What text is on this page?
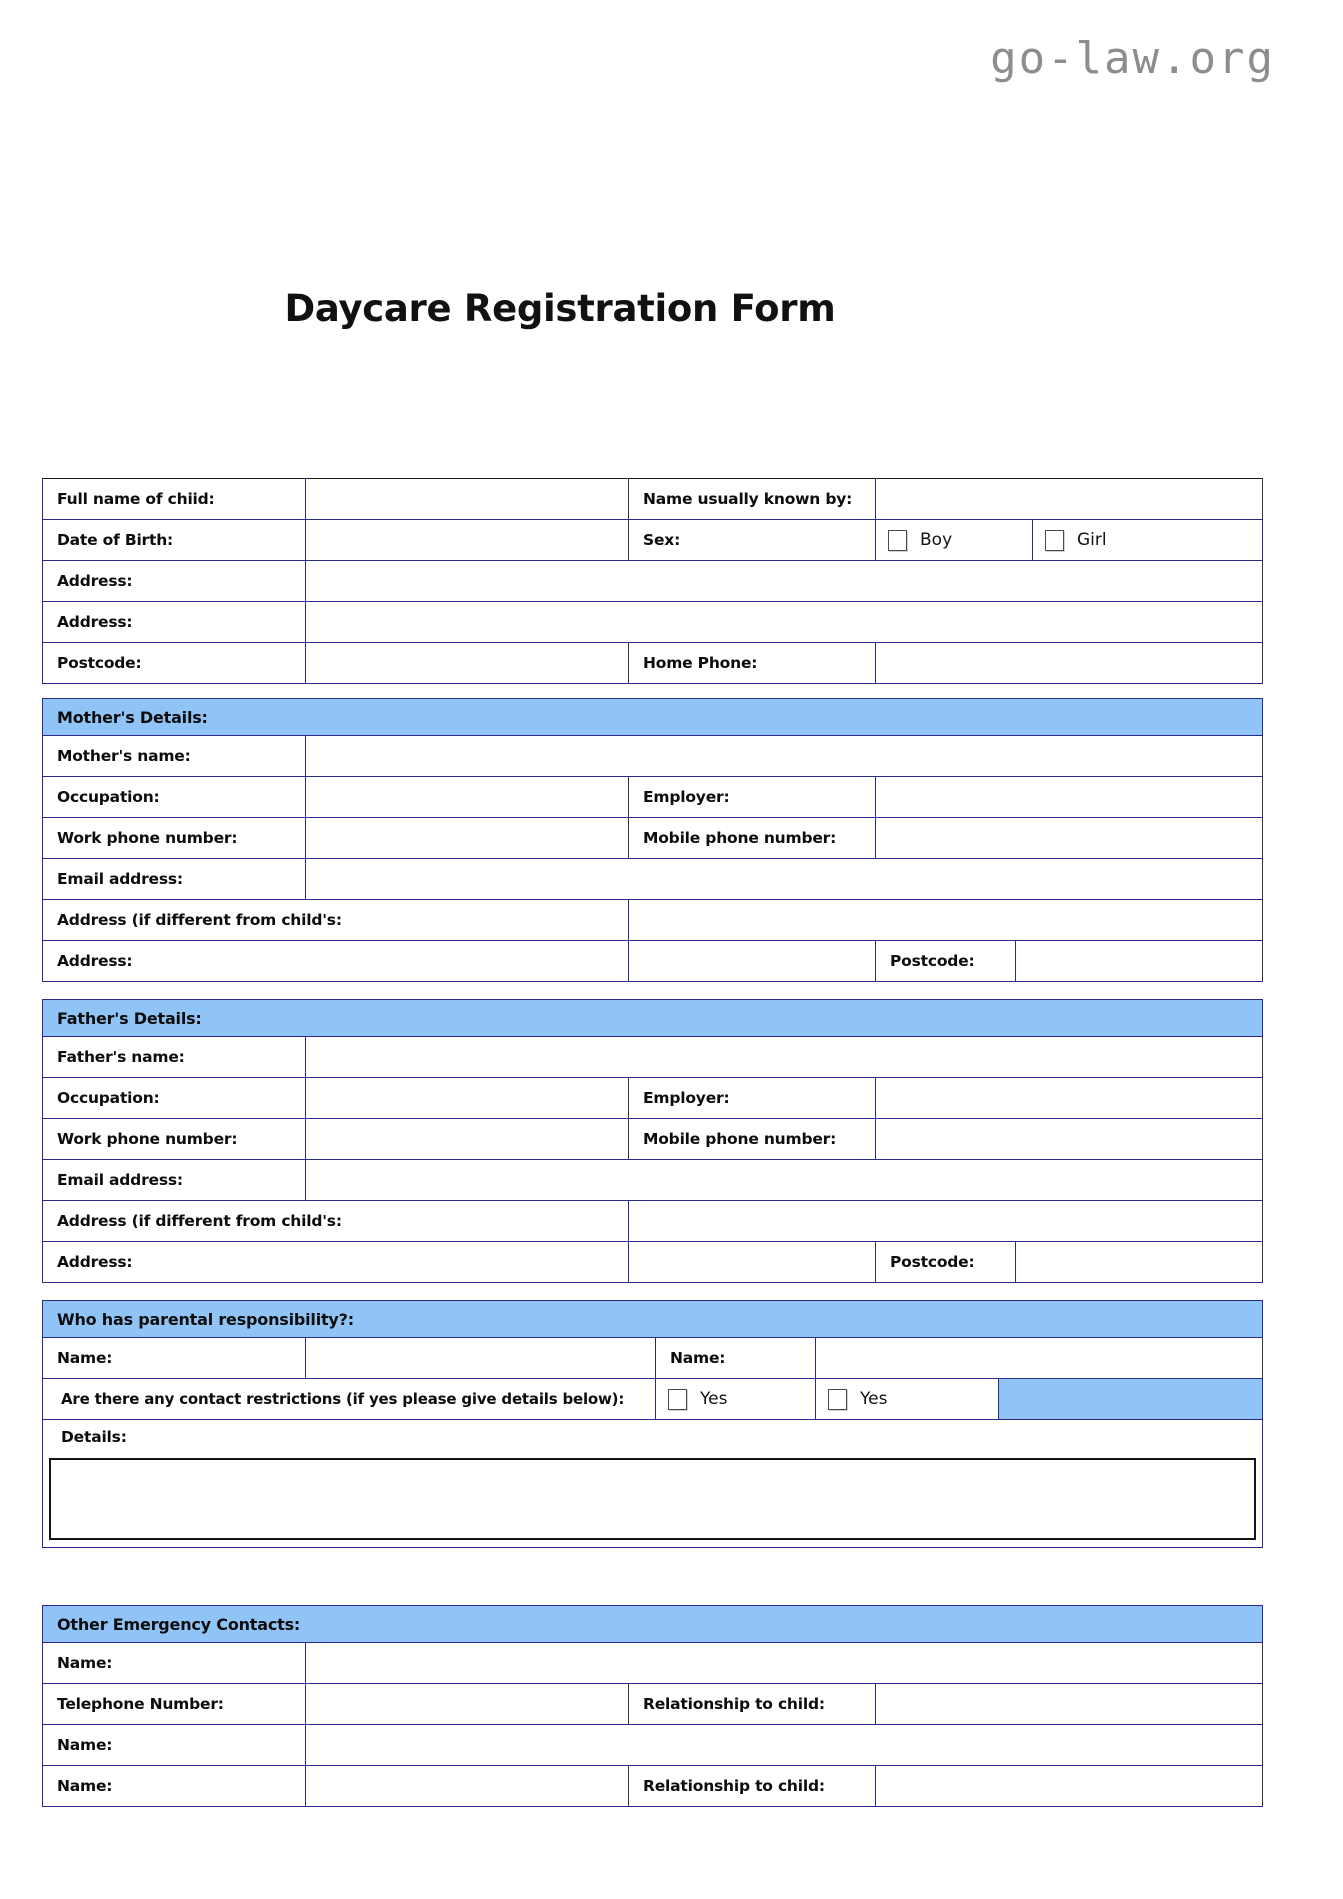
go-law.org
Daycare Registration Form
Full name of chiid:		Name usually known by:		
Date of Birth:		Sex:	Boy	Girl

Address:				
Address:				
Postcode:		Home Phone:		
Mother's Details:				
Mother's name:				
Occupation:		Employer:		
Work phone number:		Mobile phone number:		
Email address:				
Address (if different from child's:				
Address:			Postcode:	
Father's Details:				
Father's name:				
Occupation:		Employer:		
Work phone number:		Mobile phone number:		
Email address:				
Address (if different from child's:				
Address:			Postcode:	
Who has parental responsibility?:				
Name:		Name:		
Are there any contact restrictions (if yes please give details below):		Yes	Yes	

Details:				

Other Emergency Contacts:			
Name:			
Telephone Number:		Relationship to child:	
Name:			
Name:		Relationship to child:	
